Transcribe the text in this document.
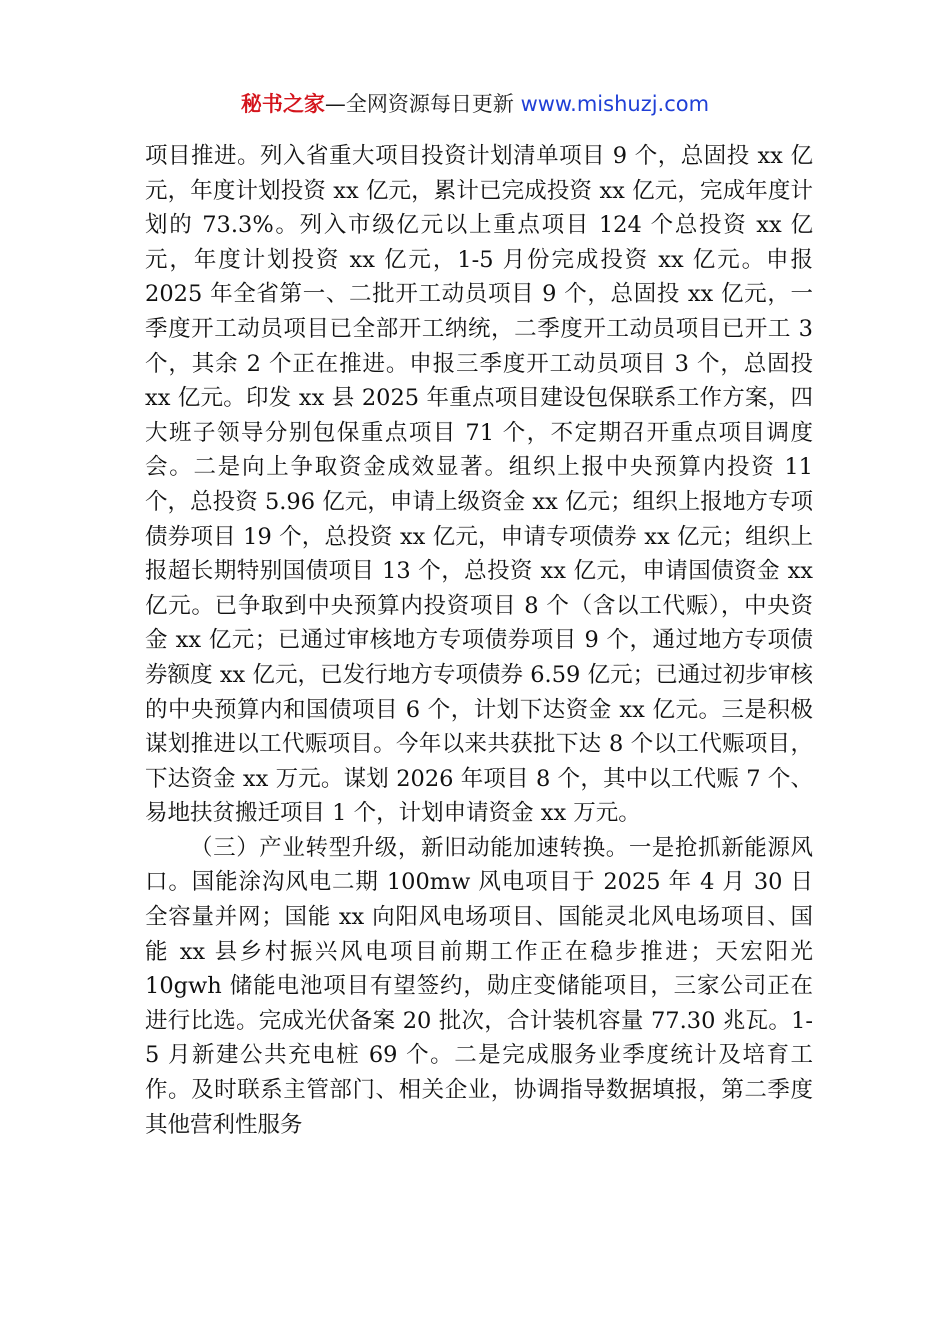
秘书之家—全网资源每日更新 www.mishuzj.com

项目推进。列入省重大项目投资计划清单项目 9 个，总固投 xx 亿元，年度计划投资 xx 亿元，累计已完成投资 xx 亿元，完成年度计划的 73.3%。列入市级亿元以上重点项目 124 个总投资 xx 亿元，年度计划投资 xx 亿元，1-5 月份完成投资 xx 亿元。申报 2025 年全省第一、二批开工动员项目 9 个，总固投 xx 亿元，一季度开工动员项目已全部开工纳统，二季度开工动员项目已开工 3 个，其余 2 个正在推进。申报三季度开工动员项目 3 个，总固投 xx 亿元。印发 xx 县 2025 年重点项目建设包保联系工作方案，四大班子领导分别包保重点项目 71 个，不定期召开重点项目调度会。二是向上争取资金成效显著。组织上报中央预算内投资 11 个，总投资 5.96 亿元，申请上级资金 xx 亿元；组织上报地方专项债券项目 19 个，总投资 xx 亿元，申请专项债券 xx 亿元；组织上报超长期特别国债项目 13 个，总投资 xx 亿元，申请国债资金 xx 亿元。已争取到中央预算内投资项目 8 个（含以工代赈），中央资金 xx 亿元；已通过审核地方专项债券项目 9 个，通过地方专项债券额度 xx 亿元，已发行地方专项债券 6.59 亿元；已通过初步审核的中央预算内和国债项目 6 个，计划下达资金 xx 亿元。三是积极谋划推进以工代赈项目。今年以来共获批下达 8 个以工代赈项目，下达资金 xx 万元。谋划 2026 年项目 8 个，其中以工代赈 7 个、易地扶贫搬迁项目 1 个，计划申请资金 xx 万元。

（三）产业转型升级，新旧动能加速转换。一是抢抓新能源风口。国能涂沟风电二期 100mw 风电项目于 2025 年 4 月 30 日全容量并网；国能 xx 向阳风电场项目、国能灵北风电场项目、国能 xx 县乡村振兴风电项目前期工作正在稳步推进；天宏阳光 10gwh 储能电池项目有望签约，勋庄变储能项目，三家公司正在进行比选。完成光伏备案 20 批次，合计装机容量 77.30 兆瓦。1-5 月新建公共充电桩 69 个。二是完成服务业季度统计及培育工作。及时联系主管部门、相关企业，协调指导数据填报，第二季度其他营利性服务
